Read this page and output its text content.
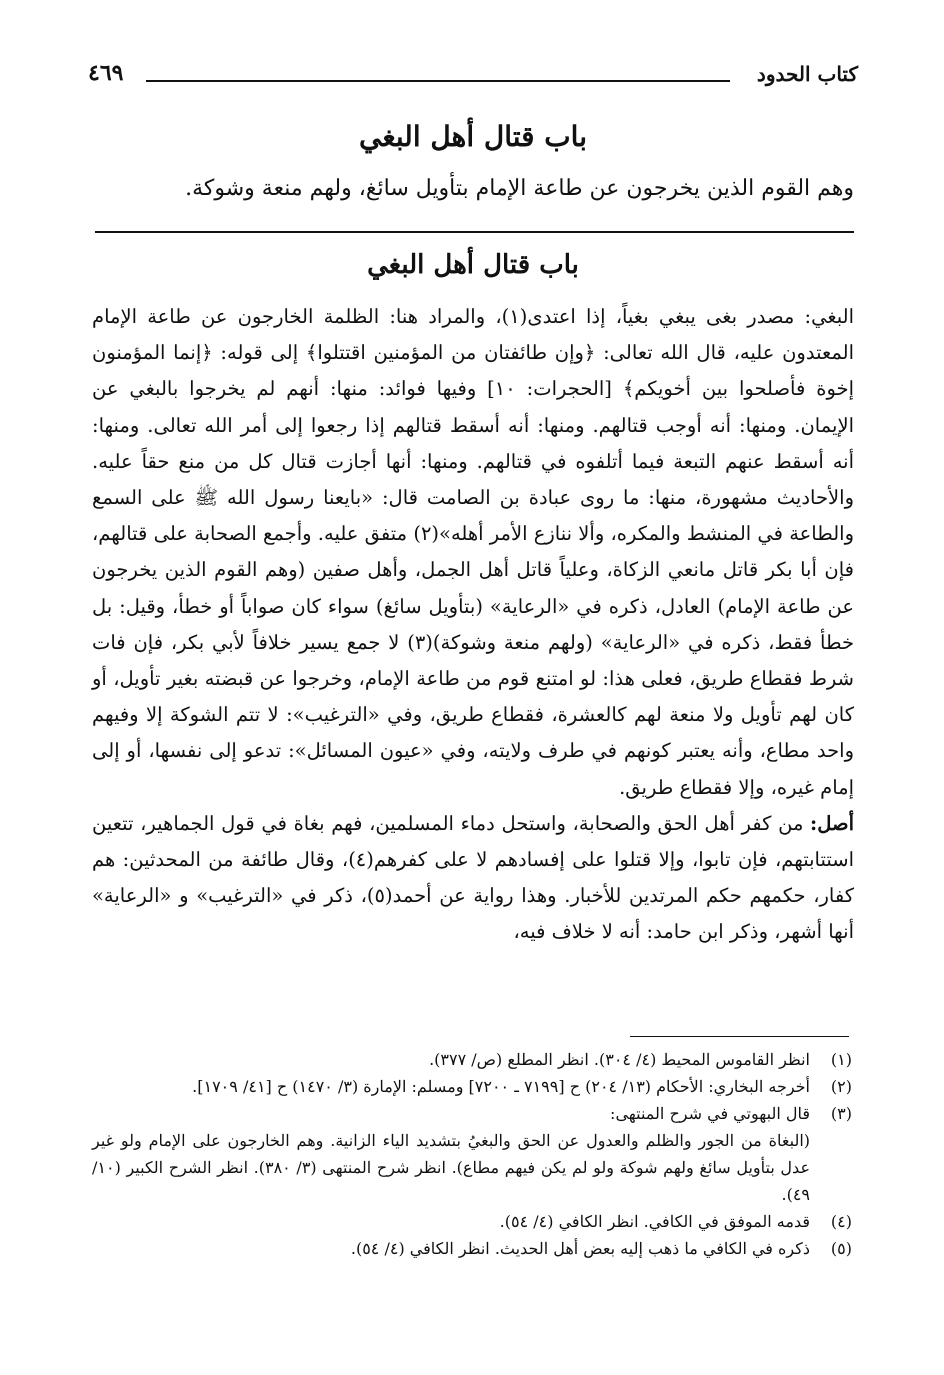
كتاب الحدود
٤٦٩
باب قتال أهل البغي
وهم القوم الذين يخرجون عن طاعة الإمام بتأويل سائغ، ولهم منعة وشوكة.
باب قتال أهل البغي

البغي: مصدر بغى يبغي بغياً، إذا اعتدى(١)، والمراد هنا: الظلمة الخارجون عن طاعة الإمام المعتدون عليه، قال الله تعالى: ﴿وإن طائفتان من المؤمنين اقتتلوا﴾ إلى قوله: ﴿إنما المؤمنون إخوة فأصلحوا بين أخويكم﴾ [الحجرات: ١٠] وفيها فوائد: منها: أنهم لم يخرجوا بالبغي عن الإيمان. ومنها: أنه أوجب قتالهم. ومنها: أنه أسقط قتالهم إذا رجعوا إلى أمر الله تعالى. ومنها: أنه أسقط عنهم التبعة فيما أتلفوه في قتالهم. ومنها: أنها أجازت قتال كل من منع حقاً عليه. والأحاديث مشهورة، منها: ما روى عبادة بن الصامت قال: «بايعنا رسول الله ﷺ على السمع والطاعة في المنشط والمكره، وألا ننازع الأمر أهله»(٢) متفق عليه. وأجمع الصحابة على قتالهم، فإن أبا بكر قاتل مانعي الزكاة، وعلياً قاتل أهل الجمل، وأهل صفين (وهم القوم الذين يخرجون عن طاعة الإمام) العادل، ذكره في «الرعاية» (بتأويل سائغ) سواء كان صواباً أو خطأ، وقيل: بل خطأ فقط، ذكره في «الرعاية» (ولهم منعة وشوكة)(٣) لا جمع يسير خلافاً لأبي بكر، فإن فات شرط فقطاع طريق، فعلى هذا: لو امتنع قوم من طاعة الإمام، وخرجوا عن قبضته بغير تأويل، أو كان لهم تأويل ولا منعة لهم كالعشرة، فقطاع طريق، وفي «الترغيب»: لا تتم الشوكة إلا وفيهم واحد مطاع، وأنه يعتبر كونهم في طرف ولايته، وفي «عيون المسائل»: تدعو إلى نفسها، أو إلى إمام غيره، وإلا فقطاع طريق.

أصل: من كفر أهل الحق والصحابة، واستحل دماء المسلمين، فهم بغاة في قول الجماهير، تتعين استتابتهم، فإن تابوا، وإلا قتلوا على إفسادهم لا على كفرهم(٤)، وقال طائفة من المحدثين: هم كفار، حكمهم حكم المرتدين للأخبار. وهذا رواية عن أحمد(٥)، ذكر في «الترغيب» و «الرعاية» أنها أشهر، وذكر ابن حامد: أنه لا خلاف فيه،

(١)
انظر القاموس المحيط (٤/ ٣٠٤). انظر المطلع (ص/ ٣٧٧).
(٢)
أخرجه البخاري: الأحكام (١٣/ ٢٠٤) ح [٧١٩٩ ـ ٧٢٠٠] ومسلم: الإمارة (٣/ ١٤٧٠) ح [٤١/ ١٧٠٩].
(٣)
قال البهوتي في شرح المنتهى:
(البغاة من الجور والظلم والعدول عن الحق والبغيُ بتشديد الياء الزانية. وهم الخارجون على الإمام ولو غير عدل بتأويل سائغ ولهم شوكة ولو لم يكن فيهم مطاع). انظر شرح المنتهى (٣/ ٣٨٠). انظر الشرح الكبير (١٠/ ٤٩).
(٤)
قدمه الموفق في الكافي. انظر الكافي (٤/ ٥٤).
(٥)
ذكره في الكافي ما ذهب إليه بعض أهل الحديث. انظر الكافي (٤/ ٥٤).
